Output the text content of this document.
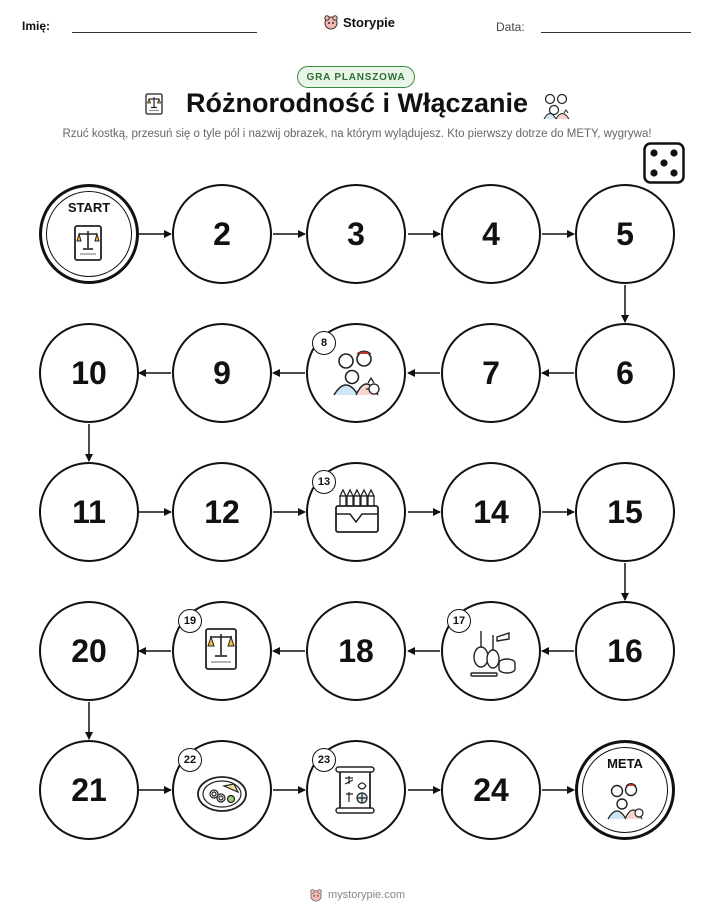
Imię:	Storypie	Data:
GRA PLANSZOWA
Różnorodność i Włączanie
Rzuć kostką, przesuń się o tyle pól i nazwij obrazek, na którym wylądujesz. Kto pierwszy dotrze do METY, wygrywa!
START
2	3	4	5
6
7
8
9
10
11	12
13
14	15
16
17
18
19
20
21
22	23
24
META
mystorypie.com
